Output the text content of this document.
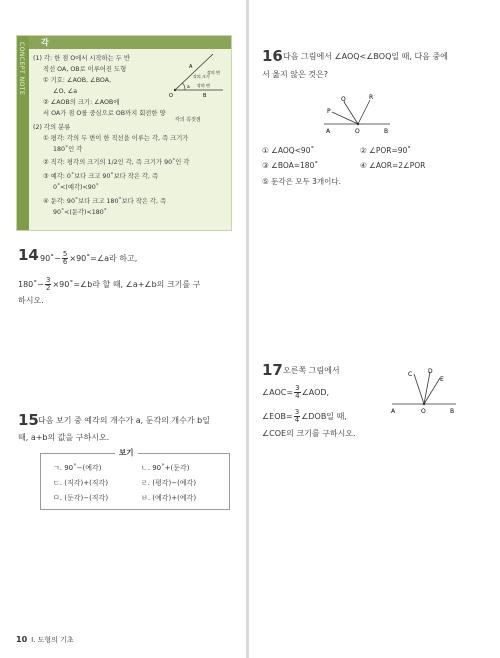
CONCEPT NOTE 각
(1) 각: 한 점 O에서 시작하는 두 반
직선 OA, OB로 이루어진 도형
① 기호: ∠AOB, ∠BOA,
∠O, ∠a
② ∠AOB의 크기: ∠AOB에
서 OA가 점 O를 중심으로 OB까지 회전한 양
(2) 각의 분류
① 평각: 각의 두 변이 한 직선을 이루는 각, 즉 크기가
180˚인 각
② 직각: 평각의 크기의 1/2인 각, 즉 크기가 90˚인 각
③ 예각: 0˚보다 크고 90˚보다 작은 각, 즉
0˚<(예각)<90˚
④ 둔각: 90˚보다 크고 180˚보다 작은 각, 즉
90˚<(둔각)<180˚
A
O	B
a
각의 크기
각의 변
각의 변
각의 꼭짓점
14 90˚− $\frac{5}{6}$ ×90˚=∠a라 하고,
180˚− $\frac{3}{2}$ ×90˚=∠b라 할 때, ∠a+∠b의 크기를 구
하시오.
15 다음 보기 중 예각의 개수가 a, 둔각의 개수가 b일
때, a+b의 값을 구하시오.
보기
ㄱ. 90˚−(예각)	ㄴ. 90˚+(둔각)
ㄷ. (직각)+(직각)	ㄹ. (평각)−(예각)
ㅁ. (둔각)−(직각)	ㅂ. (예각)+(예각)
16 다음 그림에서 ∠AOQ<∠BOQ일 때, 다음 중에
서 옳지 않은 것은?
Q	R
P
A	O	B
① ∠AOQ<90˚	② ∠POR=90˚
③ ∠BOA=180˚	④ ∠AOR=2∠POR
⑤ 둔각은 모두 3개이다.
17 오른쪽 그림에서
∠AOC= $\frac{3}{4}$ ∠AOD,
∠EOB= $\frac{3}{4}$ ∠DOB일 때,
∠COE의 크기를 구하시오.
C	D
E
A	O	B
10 I. 도형의 기초
